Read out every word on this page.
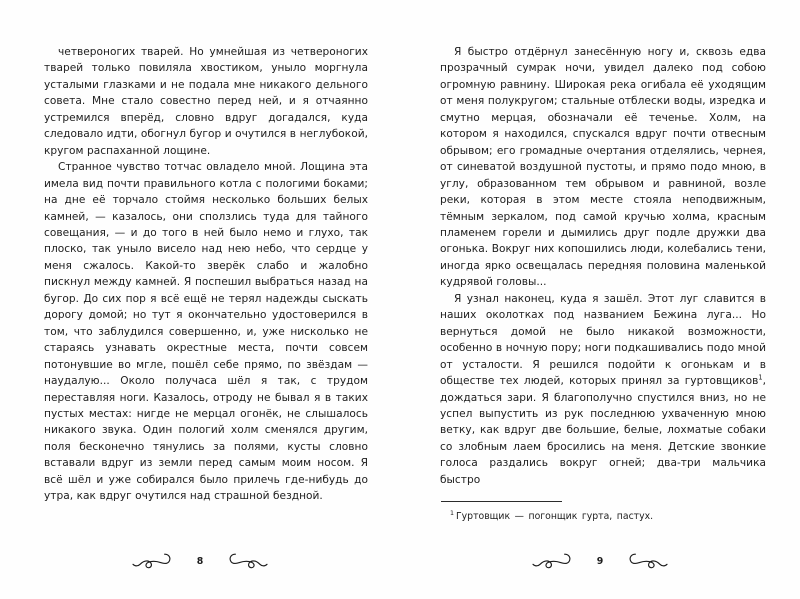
четвероногих тварей. Но умнейшая из четвероногих тварей только повиляла хвостиком, уныло моргнула усталыми глазками и не подала мне никакого дельного совета. Мне стало совестно перед ней, и я отчаянно устремился вперёд, словно вдруг догадался, куда следовало идти, обогнул бугор и очутился в неглубокой, кругом распаханной лощине.

Странное чувство тотчас овладело мной. Лощина эта имела вид почти правильного котла с пологими боками; на дне её торчало стоймя несколько больших белых камней, — казалось, они сползлись туда для тайного совещания, — и до того в ней было немо и глухо, так плоско, так уныло висело над нею небо, что сердце у меня сжалось. Какой-то зверёк слабо и жалобно пискнул между камней. Я поспешил выбраться назад на бугор. До сих пор я всё ещё не терял надежды сыскать дорогу домой; но тут я окончательно удостоверился в том, что заблудился совершенно, и, уже нисколько не стараясь узнавать окрестные места, почти совсем потонувшие во мгле, пошёл себе прямо, по звёздам — наудалую... Около получаса шёл я так, с трудом переставляя ноги. Казалось, отроду не бывал я в таких пустых местах: нигде не мерцал огонёк, не слышалось никакого звука. Один пологий холм сменялся другим, поля бесконечно тянулись за полями, кусты словно вставали вдруг из земли перед самым моим носом. Я всё шёл и уже собирался было прилечь где-нибудь до утра, как вдруг очутился над страшной бездной.

8

Я быстро отдёрнул занесённую ногу и, сквозь едва прозрачный сумрак ночи, увидел далеко под собою огромную равнину. Широкая река огибала её уходящим от меня полукругом; стальные отблески воды, изредка и смутно мерцая, обозначали её теченье. Холм, на котором я находился, спускался вдруг почти отвесным обрывом; его громадные очертания отделялись, чернея, от синеватой воздушной пустоты, и прямо подо мною, в углу, образованном тем обрывом и равниной, возле реки, которая в этом месте стояла неподвижным, тёмным зеркалом, под самой кручью холма, красным пламенем горели и дымились друг подле дружки два огонька. Вокруг них копошились люди, колебались тени, иногда ярко освещалась передняя половина маленькой кудрявой головы...

Я узнал наконец, куда я зашёл. Этот луг славится в наших околотках под названием Бежина луга... Но вернуться домой не было никакой возможности, особенно в ночную пору; ноги подкашивались подо мной от усталости. Я решился подойти к огонькам и в обществе тех людей, которых принял за гуртовщиков$^1$, дождаться зари. Я благополучно спустился вниз, но не успел выпустить из рук последнюю ухваченную мною ветку, как вдруг две большие, белые, лохматые собаки со злобным лаем бросились на меня. Детские звонкие голоса раздались вокруг огней; два-три мальчика быстро

$^1$ Гуртовщик — погонщик гурта, пастух.

9
